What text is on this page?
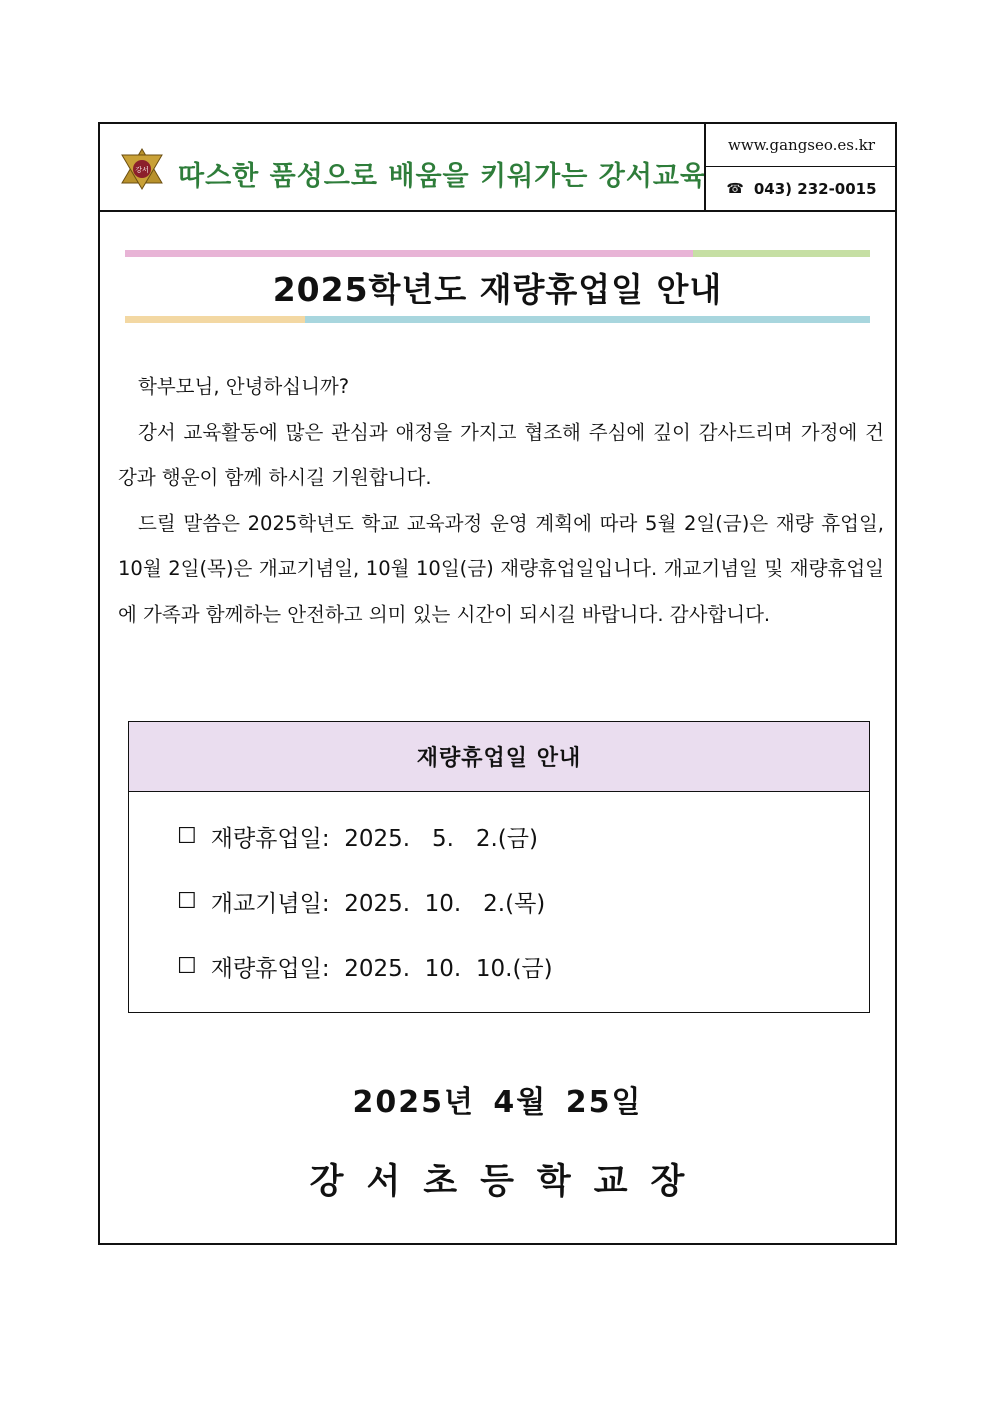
강서 따스한 품성으로 배움을 키워가는 강서교육
www.gangseo.es.kr
☎ 043) 232-0015
2025학년도 재량휴업일 안내

학부모님, 안녕하십니까?

강서 교육활동에 많은 관심과 애정을 가지고 협조해 주심에 깊이 감사드리며 가정에 건강과 행운이 함께 하시길 기원합니다.

드릴 말씀은 2025학년도 학교 교육과정 운영 계획에 따라 5월 2일(금)은 재량 휴업일, 10월 2일(목)은 개교기념일, 10월 10일(금) 재량휴업일입니다. 개교기념일 및 재량휴업일에 가족과 함께하는 안전하고 의미 있는 시간이 되시길 바랍니다. 감사합니다.

재량휴업일 안내
☐ 재량휴업일:  2025.   5.   2.(금)
☐ 개교기념일:  2025.  10.   2.(목)
☐ 재량휴업일:  2025.  10.  10.(금)
2025년 4월 25일
강서초등학교장
